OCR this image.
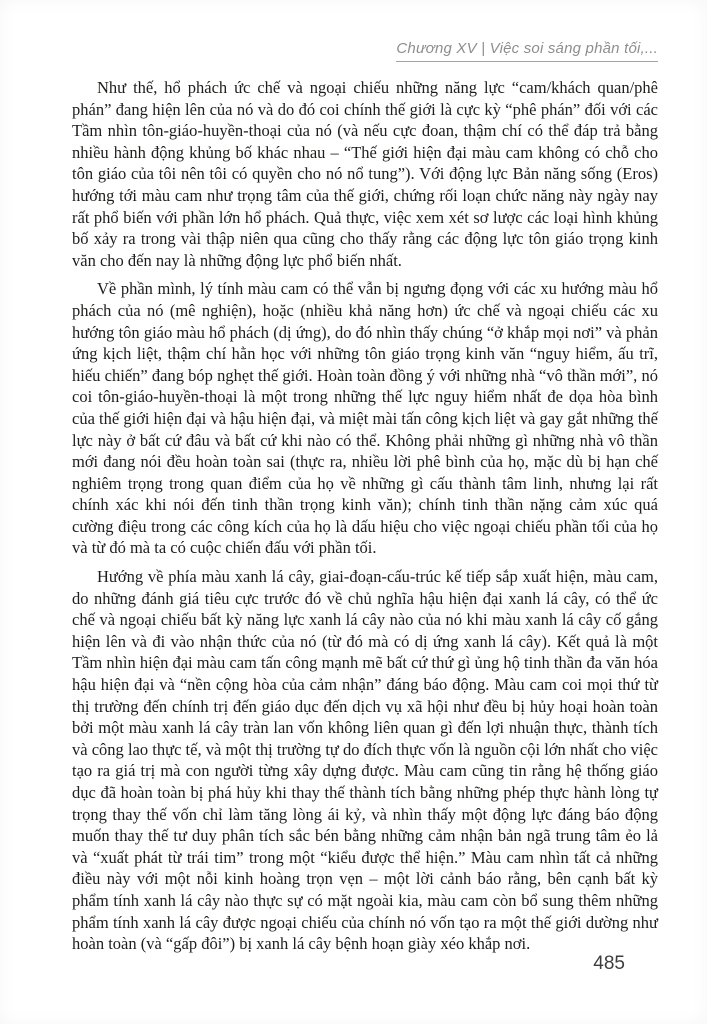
Chương XV | Việc soi sáng phần tối,...

Như thế, hổ phách ức chế và ngoại chiếu những năng lực “cam/khách quan/phê phán” đang hiện lên của nó và do đó coi chính thế giới là cực kỳ “phê phán” đối với các Tầm nhìn tôn-giáo-huyền-thoại của nó (và nếu cực đoan, thậm chí có thể đáp trả bằng nhiều hành động khủng bố khác nhau – “Thế giới hiện đại màu cam không có chỗ cho tôn giáo của tôi nên tôi có quyền cho nó nổ tung”). Với động lực Bản năng sống (Eros) hướng tới màu cam như trọng tâm của thế giới, chứng rối loạn chức năng này ngày nay rất phổ biến với phần lớn hổ phách. Quả thực, việc xem xét sơ lược các loại hình khủng bố xảy ra trong vài thập niên qua cũng cho thấy rằng các động lực tôn giáo trọng kinh văn cho đến nay là những động lực phổ biến nhất.

Về phần mình, lý tính màu cam có thể vẫn bị ngưng đọng với các xu hướng màu hổ phách của nó (mê nghiện), hoặc (nhiều khả năng hơn) ức chế và ngoại chiếu các xu hướng tôn giáo màu hổ phách (dị ứng), do đó nhìn thấy chúng “ở khắp mọi nơi” và phản ứng kịch liệt, thậm chí hằn học với những tôn giáo trọng kinh văn “nguy hiểm, ấu trĩ, hiếu chiến” đang bóp nghẹt thế giới. Hoàn toàn đồng ý với những nhà “vô thần mới”, nó coi tôn-giáo-huyền-thoại là một trong những thế lực nguy hiểm nhất đe dọa hòa bình của thế giới hiện đại và hậu hiện đại, và miệt mài tấn công kịch liệt và gay gắt những thế lực này ở bất cứ đâu và bất cứ khi nào có thể. Không phải những gì những nhà vô thần mới đang nói đều hoàn toàn sai (thực ra, nhiều lời phê bình của họ, mặc dù bị hạn chế nghiêm trọng trong quan điểm của họ về những gì cấu thành tâm linh, nhưng lại rất chính xác khi nói đến tinh thần trọng kinh văn); chính tinh thần nặng cảm xúc quá cường điệu trong các công kích của họ là dấu hiệu cho việc ngoại chiếu phần tối của họ và từ đó mà ta có cuộc chiến đấu với phần tối.

Hướng về phía màu xanh lá cây, giai-đoạn-cấu-trúc kế tiếp sắp xuất hiện, màu cam, do những đánh giá tiêu cực trước đó về chủ nghĩa hậu hiện đại xanh lá cây, có thể ức chế và ngoại chiếu bất kỳ năng lực xanh lá cây nào của nó khi màu xanh lá cây cố gắng hiện lên và đi vào nhận thức của nó (từ đó mà có dị ứng xanh lá cây). Kết quả là một Tầm nhìn hiện đại màu cam tấn công mạnh mẽ bất cứ thứ gì ủng hộ tinh thần đa văn hóa hậu hiện đại và “nền cộng hòa của cảm nhận” đáng báo động. Màu cam coi mọi thứ từ thị trường đến chính trị đến giáo dục đến dịch vụ xã hội như đều bị hủy hoại hoàn toàn bởi một màu xanh lá cây tràn lan vốn không liên quan gì đến lợi nhuận thực, thành tích và công lao thực tế, và một thị trường tự do đích thực vốn là nguồn cội lớn nhất cho việc tạo ra giá trị mà con người từng xây dựng được. Màu cam cũng tin rằng hệ thống giáo dục đã hoàn toàn bị phá hủy khi thay thế thành tích bằng những phép thực hành lòng tự trọng thay thế vốn chỉ làm tăng lòng ái kỷ, và nhìn thấy một động lực đáng báo động muốn thay thế tư duy phân tích sắc bén bằng những cảm nhận bản ngã trung tâm ẻo lả và “xuất phát từ trái tim” trong một “kiểu được thể hiện.” Màu cam nhìn tất cả những điều này với một nỗi kinh hoàng trọn vẹn – một lời cảnh báo rằng, bên cạnh bất kỳ phẩm tính xanh lá cây nào thực sự có mặt ngoài kia, màu cam còn bổ sung thêm những phẩm tính xanh lá cây được ngoại chiếu của chính nó vốn tạo ra một thế giới dường như hoàn toàn (và “gấp đôi”) bị xanh lá cây bệnh hoạn giày xéo khắp nơi.

485
